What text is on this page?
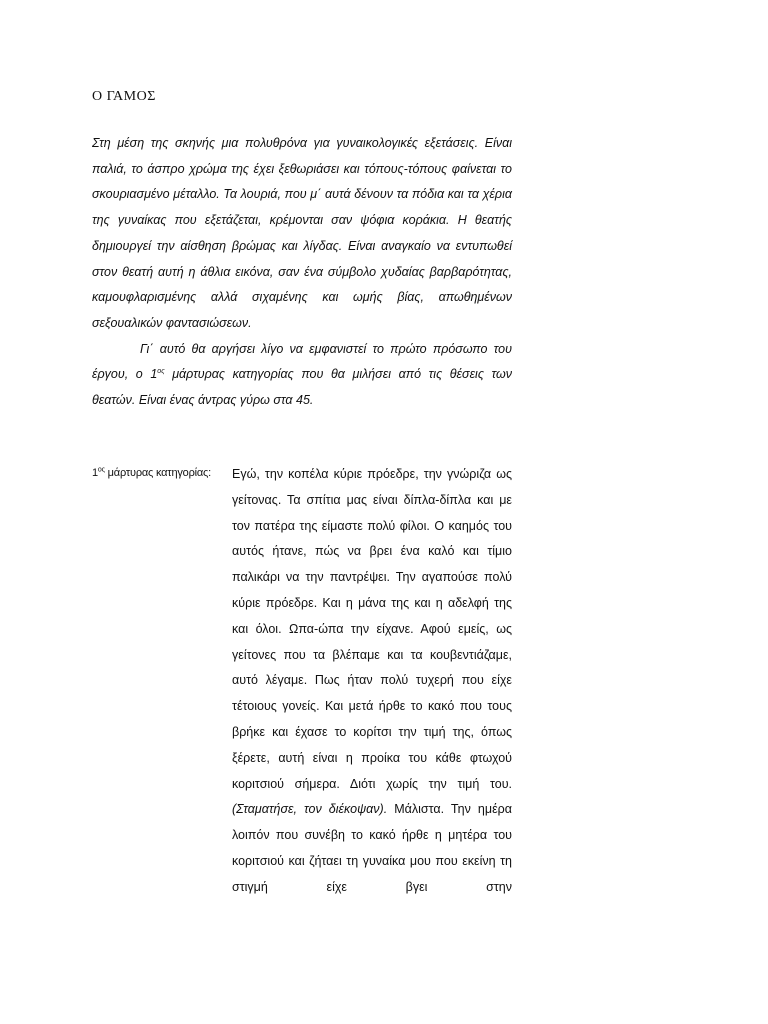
Ο ΓΑΜΟΣ

Στη μέση της σκηνής μια πολυθρόνα για γυναικολογικές εξετάσεις. Είναι παλιά, το άσπρο χρώμα της έχει ξεθωριάσει και τόπους-τόπους φαίνεται το σκουριασμένο μέταλλο. Τα λουριά, που μ΄ αυτά δένουν τα πόδια και τα χέρια της γυναίκας που εξετάζεται, κρέμονται σαν ψόφια κοράκια. Η θεατής δημιουργεί την αίσθηση βρώμας και λίγδας. Είναι αναγκαίο να εντυπωθεί στον θεατή αυτή η άθλια εικόνα, σαν ένα σύμβολο χυδαίας βαρβαρότητας, καμουφλαρισμένης αλλά σιχαμένης και ωμής βίας, απωθημένων σεξουαλικών φαντασιώσεων.

Γι΄ αυτό θα αργήσει λίγο να εμφανιστεί το πρώτο πρόσωπο του έργου, ο $1^{o\varsigma}$ μάρτυρας κατηγορίας που θα μιλήσει από τις θέσεις των θεατών. Είναι ένας άντρας γύρω στα 45.

$1^{o\varsigma}$ μάρτυρας κατηγορίας: Εγώ, την κοπέλα κύριε πρόεδρε, την γνώριζα ως γείτονας. Τα σπίτια μας είναι δίπλα-δίπλα και με τον πατέρα της είμαστε πολύ φίλοι. Ο καημός του αυτός ήτανε, πώς να βρει ένα καλό και τίμιο παλικάρι να την παντρέψει. Την αγαπούσε πολύ κύριε πρόεδρε. Και η μάνα της και η αδελφή της και όλοι. Ωπα-ώπα την είχανε. Αφού εμείς, ως γείτονες που τα βλέπαμε και τα κουβεντιάζαμε, αυτό λέγαμε. Πως ήταν πολύ τυχερή που είχε τέτοιους γονείς. Και μετά ήρθε το κακό που τους βρήκε και έχασε το κορίτσι την τιμή της, όπως ξέρετε, αυτή είναι η προίκα του κάθε φτωχού κοριτσιού σήμερα. Διότι χωρίς την τιμή του. (Σταματήσε, τον διέκοψαν). Μάλιστα. Την ημέρα λοιπόν που συνέβη το κακό ήρθε η μητέρα του κοριτσιού και ζήταει τη γυναίκα μου που εκείνη τη στιγμή είχε βγει στην
